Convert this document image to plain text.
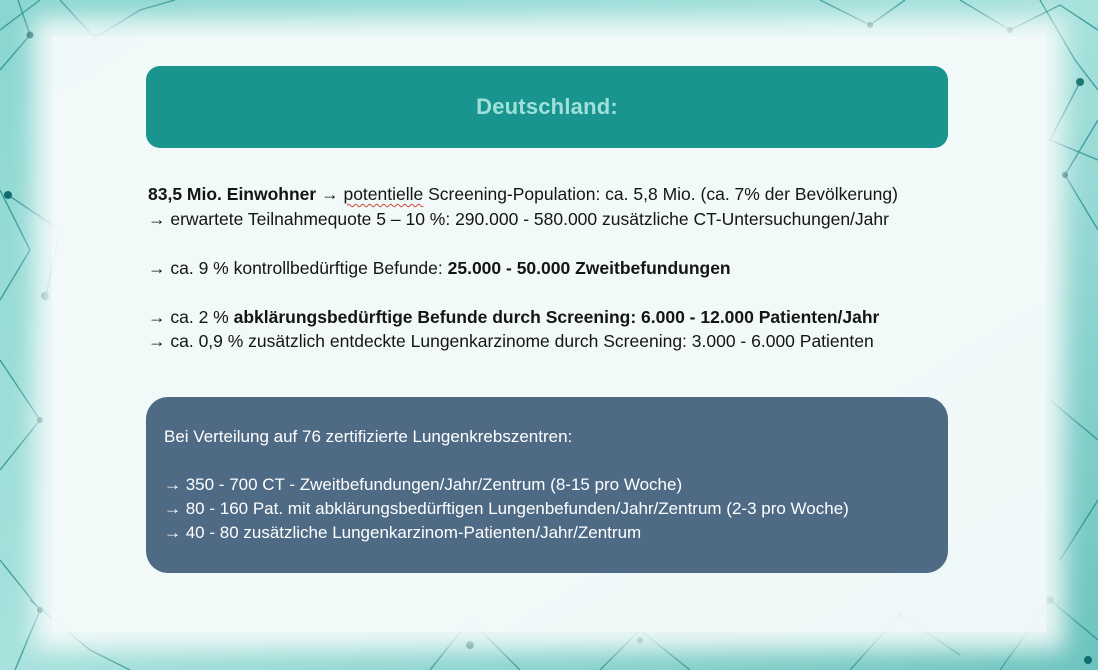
Deutschland:

83,5 Mio. Einwohner → potentielle Screening-Population: ca. 5,8 Mio. (ca. 7% der Bevölkerung)

→ erwartete Teilnahmequote 5 – 10 %: 290.000 - 580.000 zusätzliche CT-Untersuchungen/Jahr

→ ca. 9 % kontrollbedürftige Befunde: 25.000 - 50.000 Zweitbefundungen

→ ca. 2 % abklärungsbedürftige Befunde durch Screening: 6.000 - 12.000 Patienten/Jahr

→ ca. 0,9 % zusätzlich entdeckte Lungenkarzinome durch Screening: 3.000 - 6.000 Patienten

Bei Verteilung auf 76 zertifizierte Lungenkrebszentren:

→ 350 - 700 CT - Zweitbefundungen/Jahr/Zentrum (8-15 pro Woche)

→ 80 - 160 Pat. mit abklärungsbedürftigen Lungenbefunden/Jahr/Zentrum (2-3 pro Woche)

→ 40 - 80 zusätzliche Lungenkarzinom-Patienten/Jahr/Zentrum
